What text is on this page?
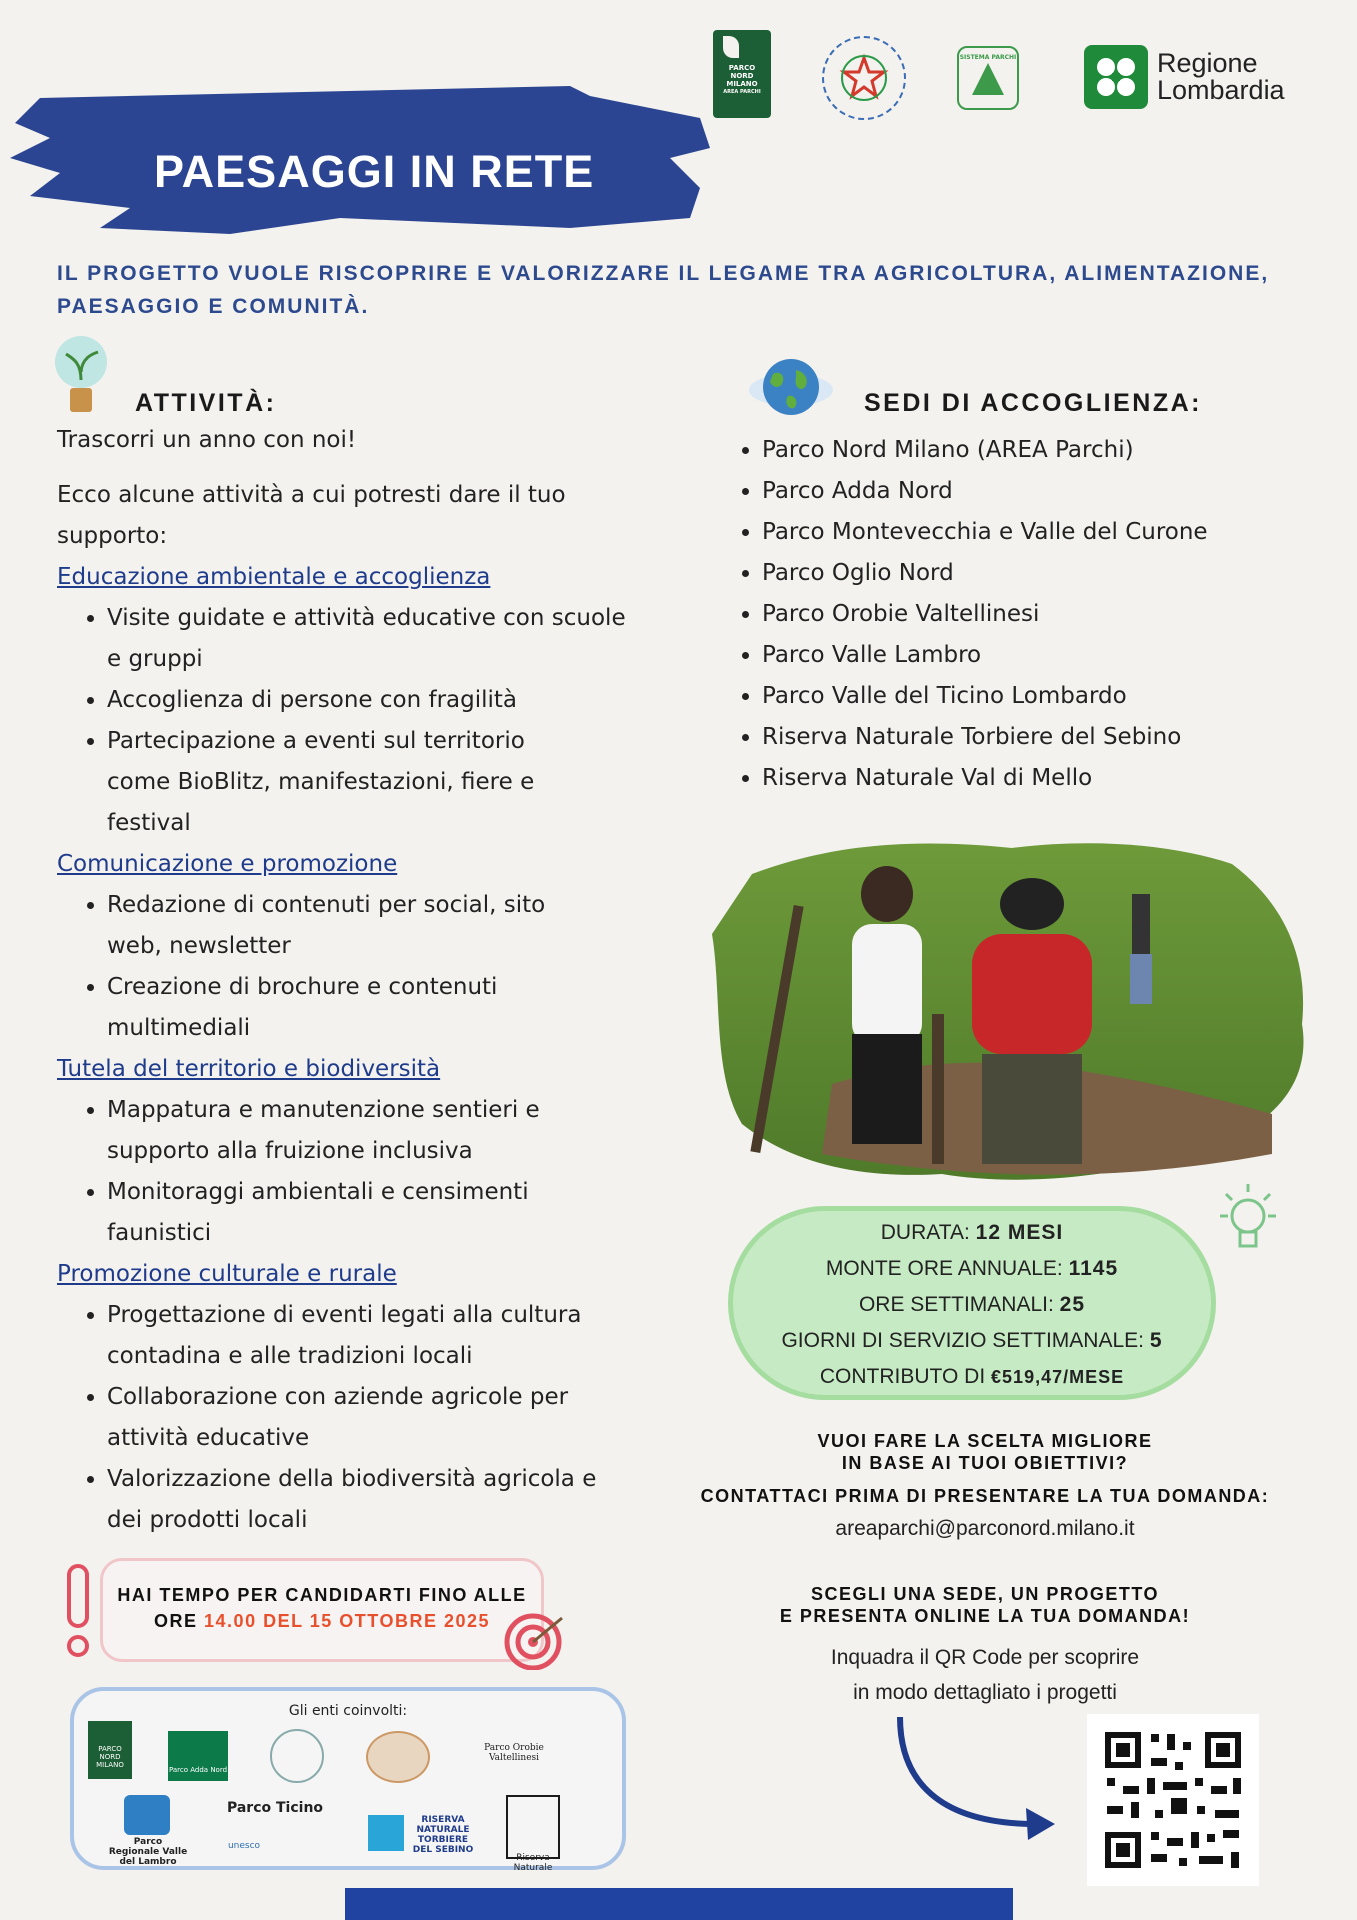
PARCO NORD MILANO
AREA PARCHI
SISTEMA PARCHI	Regione
Lombardia
PAESAGGI IN RETE
IL PROGETTO VUOLE RISCOPRIRE E VALORIZZARE IL LEGAME TRA AGRICOLTURA, ALIMENTAZIONE, PAESAGGIO E COMUNITÀ.
ATTIVITÀ:
Trascorri un anno con noi!
Ecco alcune attività a cui potresti dare il tuo supporto:
Educazione ambientale e accoglienza
• Visite guidate e attività educative con scuole e gruppi
• Accoglienza di persone con fragilità
• Partecipazione a eventi sul territorio come BioBlitz, manifestazioni, fiere e festival
Comunicazione e promozione
• Redazione di contenuti per social, sito web, newsletter
• Creazione di brochure e contenuti multimediali
Tutela del territorio e biodiversità
• Mappatura e manutenzione sentieri e supporto alla fruizione inclusiva
• Monitoraggi ambientali e censimenti faunistici
Promozione culturale e rurale
• Progettazione di eventi legati alla cultura contadina e alle tradizioni locali
• Collaborazione con aziende agricole per attività educative
• Valorizzazione della biodiversità agricola e dei prodotti locali
SEDI DI ACCOGLIENZA:
• Parco Nord Milano (AREA Parchi)
• Parco Adda Nord
• Parco Montevecchia e Valle del Curone
• Parco Oglio Nord
• Parco Orobie Valtellinesi
• Parco Valle Lambro
• Parco Valle del Ticino Lombardo
• Riserva Naturale Torbiere del Sebino
• Riserva Naturale Val di Mello
DURATA: 12 MESI
MONTE ORE ANNUALE: 1145
ORE SETTIMANALI: 25
GIORNI DI SERVIZIO SETTIMANALE: 5
CONTRIBUTO DI €519,47/MESE
VUOI FARE LA SCELTA MIGLIORE
IN BASE AI TUOI OBIETTIVI?
CONTATTACI PRIMA DI PRESENTARE LA TUA DOMANDA:
areaparchi@parconord.milano.it
SCEGLI UNA SEDE, UN PROGETTO
E PRESENTA ONLINE LA TUA DOMANDA!
Inquadra il QR Code per scoprire
in modo dettagliato i progetti
HAI TEMPO PER CANDIDARTI FINO ALLE
ORE 14.00 DEL 15 OTTOBRE 2025
Gli enti coinvolti:
PARCO NORD MILANO
Parco Adda Nord
Parco Orobie Valtellinesi
Parco Regionale Valle del Lambro
Parco Ticino
unesco
RISERVA NATURALE TORBIERE DEL SEBINO
Riserva Naturale
